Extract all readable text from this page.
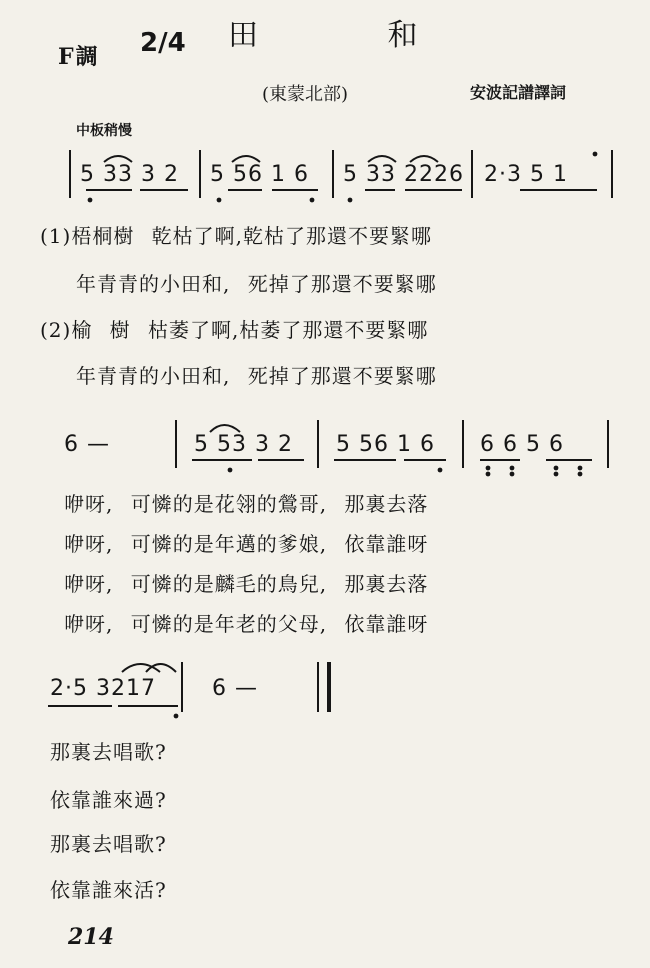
F調 2/4 田 和
(東蒙北部)	安波記譜譯詞
中板稍慢
5 33 3 2 5 56 1 6 5 33 2226 2·3 5 1
(1)梧桐樹 乾枯了啊,乾枯了那還不要緊哪
年青青的小田和, 死掉了那還不要緊哪
(2)榆 樹 枯萎了啊,枯萎了那還不要緊哪
年青青的小田和, 死掉了那還不要緊哪
6 —	5 53 3 2 5 56 1 6 6 6 5 6
咿呀, 可憐的是花翎的鶯哥, 那裏去落
咿呀, 可憐的是年邁的爹娘, 依靠誰呀
咿呀, 可憐的是麟毛的鳥兒, 那裏去落
咿呀, 可憐的是年老的父母, 依靠誰呀
2·5 3217	6 —
那裏去唱歌?
依靠誰來過?
那裏去唱歌?
依靠誰來活?
214
